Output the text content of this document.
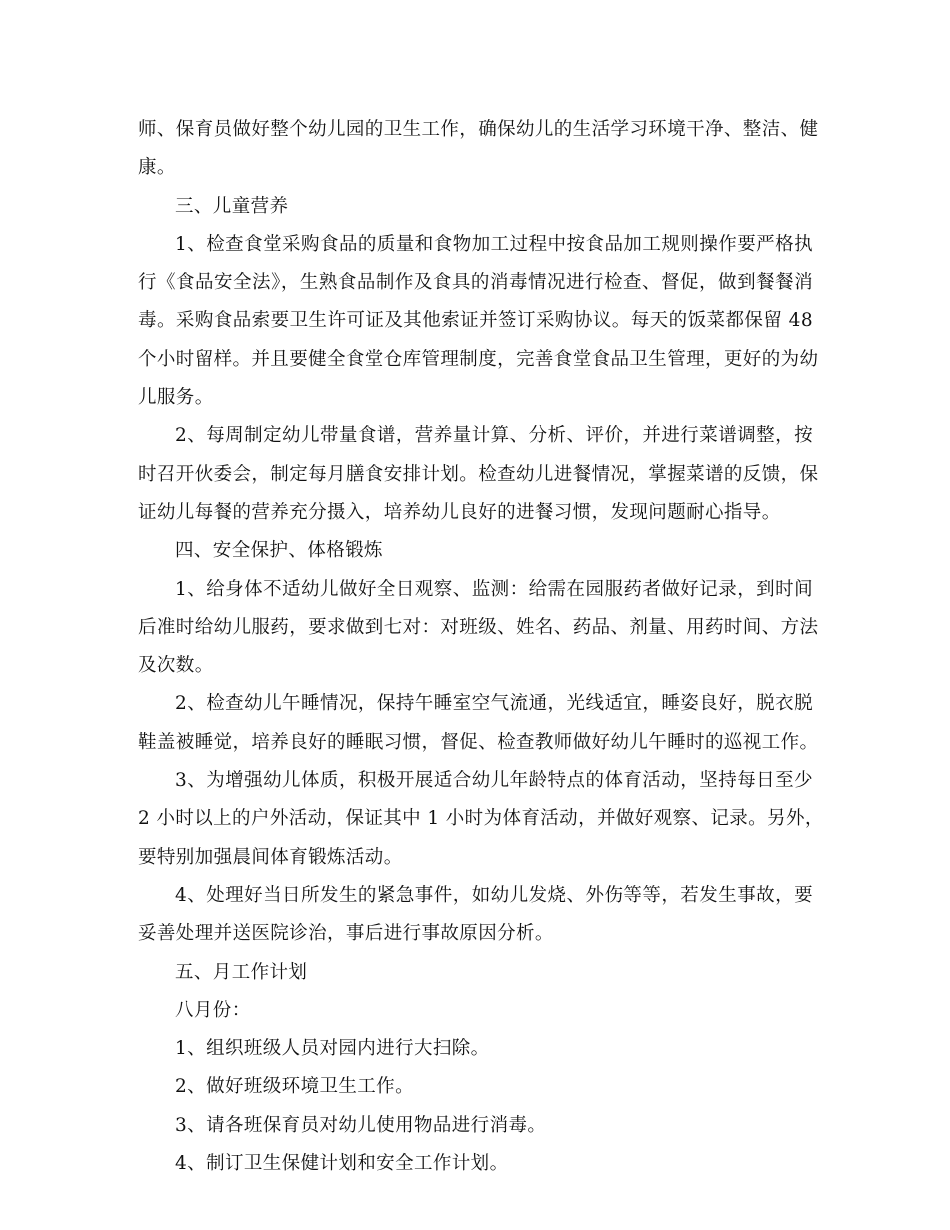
师、保育员做好整个幼儿园的卫生工作，确保幼儿的生活学习环境干净、整洁、健

康。

三、儿童营养

1、检查食堂采购食品的质量和食物加工过程中按食品加工规则操作要严格执

行《食品安全法》，生熟食品制作及食具的消毒情况进行检查、督促，做到餐餐消

毒。采购食品索要卫生许可证及其他索证并签订采购协议。每天的饭菜都保留 48

个小时留样。并且要健全食堂仓库管理制度，完善食堂食品卫生管理，更好的为幼

儿服务。

2、每周制定幼儿带量食谱，营养量计算、分析、评价，并进行菜谱调整，按

时召开伙委会，制定每月膳食安排计划。检查幼儿进餐情况，掌握菜谱的反馈，保

证幼儿每餐的营养充分摄入，培养幼儿良好的进餐习惯，发现问题耐心指导。

四、安全保护、体格锻炼

1、给身体不适幼儿做好全日观察、监测：给需在园服药者做好记录，到时间

后准时给幼儿服药，要求做到七对：对班级、姓名、药品、剂量、用药时间、方法

及次数。

2、检查幼儿午睡情况，保持午睡室空气流通，光线适宜，睡姿良好，脱衣脱

鞋盖被睡觉，培养良好的睡眠习惯，督促、检查教师做好幼儿午睡时的巡视工作。

3、为增强幼儿体质，积极开展适合幼儿年龄特点的体育活动，坚持每日至少

2 小时以上的户外活动，保证其中 1 小时为体育活动，并做好观察、记录。另外，

要特别加强晨间体育锻炼活动。

4、处理好当日所发生的紧急事件，如幼儿发烧、外伤等等，若发生事故，要

妥善处理并送医院诊治，事后进行事故原因分析。

五、月工作计划

八月份：

1、组织班级人员对园内进行大扫除。

2、做好班级环境卫生工作。

3、请各班保育员对幼儿使用物品进行消毒。

4、制订卫生保健计划和安全工作计划。
